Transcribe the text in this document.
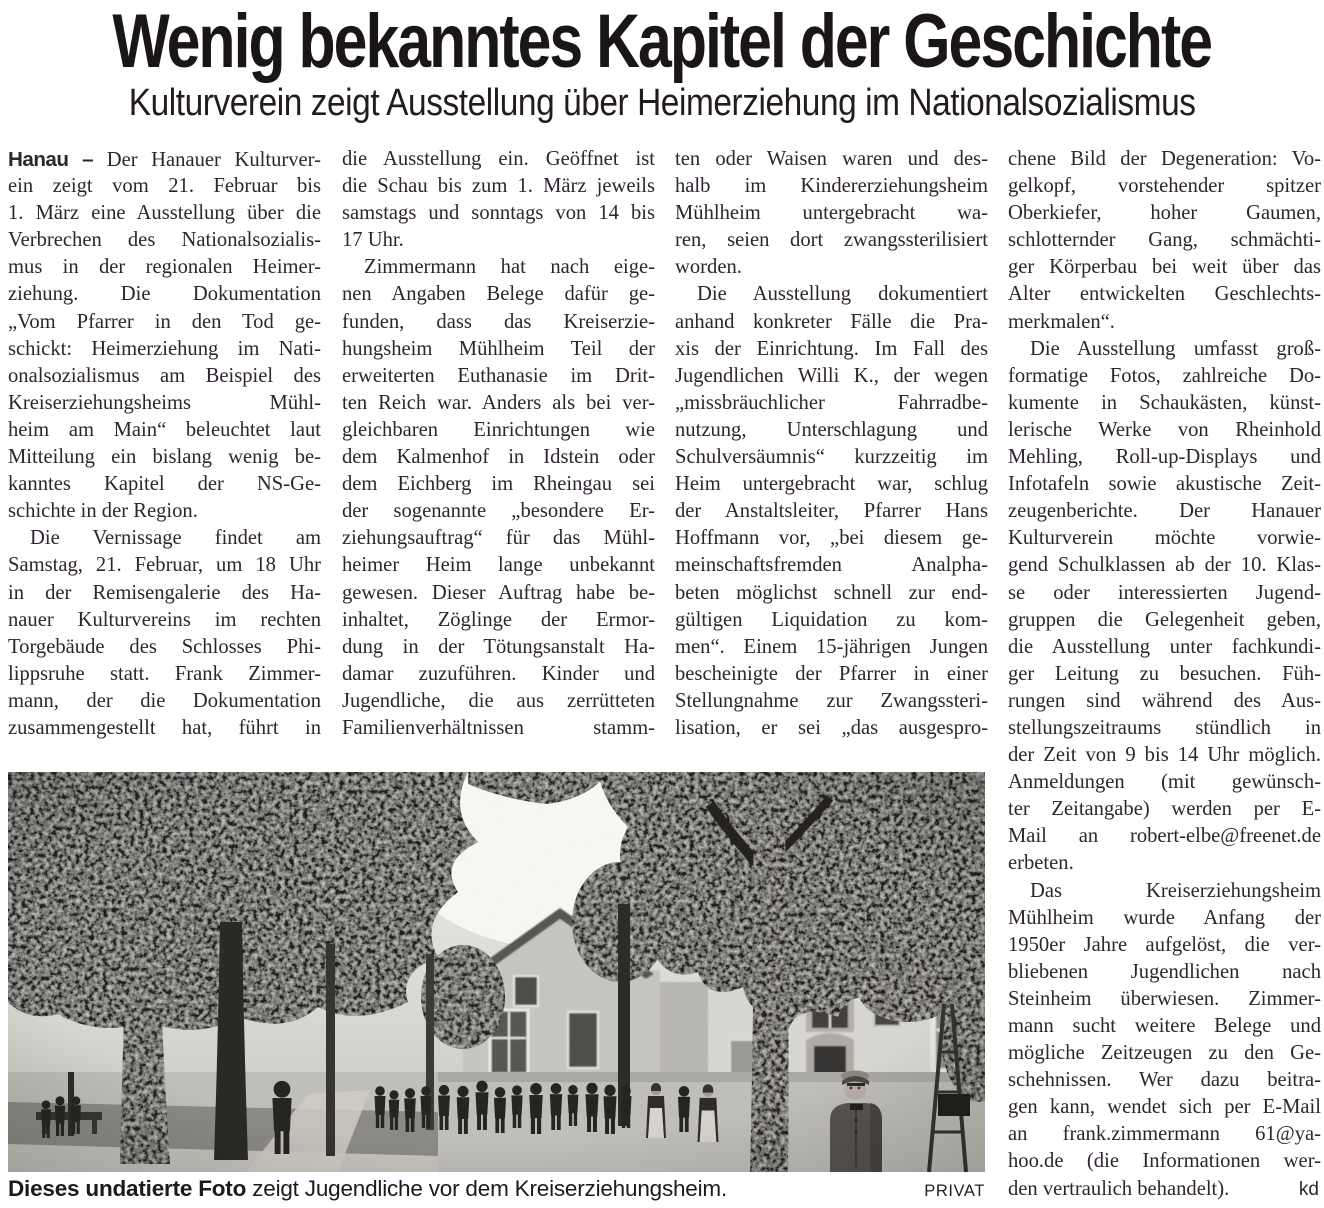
Wenig bekanntes Kapitel der Geschichte
Kulturverein zeigt Ausstellung über Heimerziehung im Nationalsozialismus
Hanau – Der Hanauer Kulturver-
ein zeigt vom 21. Februar bis
1. März eine Ausstellung über die
Verbrechen des Nationalsozialis-
mus in der regionalen Heimer-
ziehung. Die Dokumentation
„Vom Pfarrer in den Tod ge-
schickt: Heimerziehung im Nati-
onalsozialismus am Beispiel des
Kreiserziehungsheims Mühl-
heim am Main“ beleuchtet laut
Mitteilung ein bislang wenig be-
kanntes Kapitel der NS-Ge-
schichte in der Region.
Die Vernissage findet am
Samstag, 21. Februar, um 18 Uhr
in der Remisengalerie des Ha-
nauer Kulturvereins im rechten
Torgebäude des Schlosses Phi-
lippsruhe statt. Frank Zimmer-
mann, der die Dokumentation
zusammengestellt hat, führt in
die Ausstellung ein. Geöffnet ist
die Schau bis zum 1. März jeweils
samstags und sonntags von 14 bis
17 Uhr.
Zimmermann hat nach eige-
nen Angaben Belege dafür ge-
funden, dass das Kreiserzie-
hungsheim Mühlheim Teil der
erweiterten Euthanasie im Drit-
ten Reich war. Anders als bei ver-
gleichbaren Einrichtungen wie
dem Kalmenhof in Idstein oder
dem Eichberg im Rheingau sei
der sogenannte „besondere Er-
ziehungsauftrag“ für das Mühl-
heimer Heim lange unbekannt
gewesen. Dieser Auftrag habe be-
inhaltet, Zöglinge der Ermor-
dung in der Tötungsanstalt Ha-
damar zuzuführen. Kinder und
Jugendliche, die aus zerrütteten
Familienverhältnissen stamm-
ten oder Waisen waren und des-
halb im Kindererziehungsheim
Mühlheim untergebracht wa-
ren, seien dort zwangssterilisiert
worden.
Die Ausstellung dokumentiert
anhand konkreter Fälle die Pra-
xis der Einrichtung. Im Fall des
Jugendlichen Willi K., der wegen
„missbräuchlicher Fahrradbe-
nutzung, Unterschlagung und
Schulversäumnis“ kurzzeitig im
Heim untergebracht war, schlug
der Anstaltsleiter, Pfarrer Hans
Hoffmann vor, „bei diesem ge-
meinschaftsfremden Analpha-
beten möglichst schnell zur end-
gültigen Liquidation zu kom-
men“. Einem 15-jährigen Jungen
bescheinigte der Pfarrer in einer
Stellungnahme zur Zwangssteri-
lisation, er sei „das ausgespro-
chene Bild der Degeneration: Vo-
gelkopf, vorstehender spitzer
Oberkiefer, hoher Gaumen,
schlotternder Gang, schmächti-
ger Körperbau bei weit über das
Alter entwickelten Geschlechts-
merkmalen“.
Die Ausstellung umfasst groß-
formatige Fotos, zahlreiche Do-
kumente in Schaukästen, künst-
lerische Werke von Rheinhold
Mehling, Roll-up-Displays und
Infotafeln sowie akustische Zeit-
zeugenberichte. Der Hanauer
Kulturverein möchte vorwie-
gend Schulklassen ab der 10. Klas-
se oder interessierten Jugend-
gruppen die Gelegenheit geben,
die Ausstellung unter fachkundi-
ger Leitung zu besuchen. Füh-
rungen sind während des Aus-
stellungszeitraums stündlich in
der Zeit von 9 bis 14 Uhr möglich.
Anmeldungen (mit gewünsch-
ter Zeitangabe) werden per E-
Mail an robert-elbe@freenet.de
erbeten.
Das Kreiserziehungsheim
Mühlheim wurde Anfang der
1950er Jahre aufgelöst, die ver-
bliebenen Jugendlichen nach
Steinheim überwiesen. Zimmer-
mann sucht weitere Belege und
mögliche Zeitzeugen zu den Ge-
schehnissen. Wer dazu beitra-
gen kann, wendet sich per E-Mail
an frank.zimmermann 61@ya-
hoo.de (die Informationen wer-
den vertraulich behandelt).	kd
Dieses undatierte Foto zeigt Jugendliche vor dem Kreiserziehungsheim.	PRIVAT
